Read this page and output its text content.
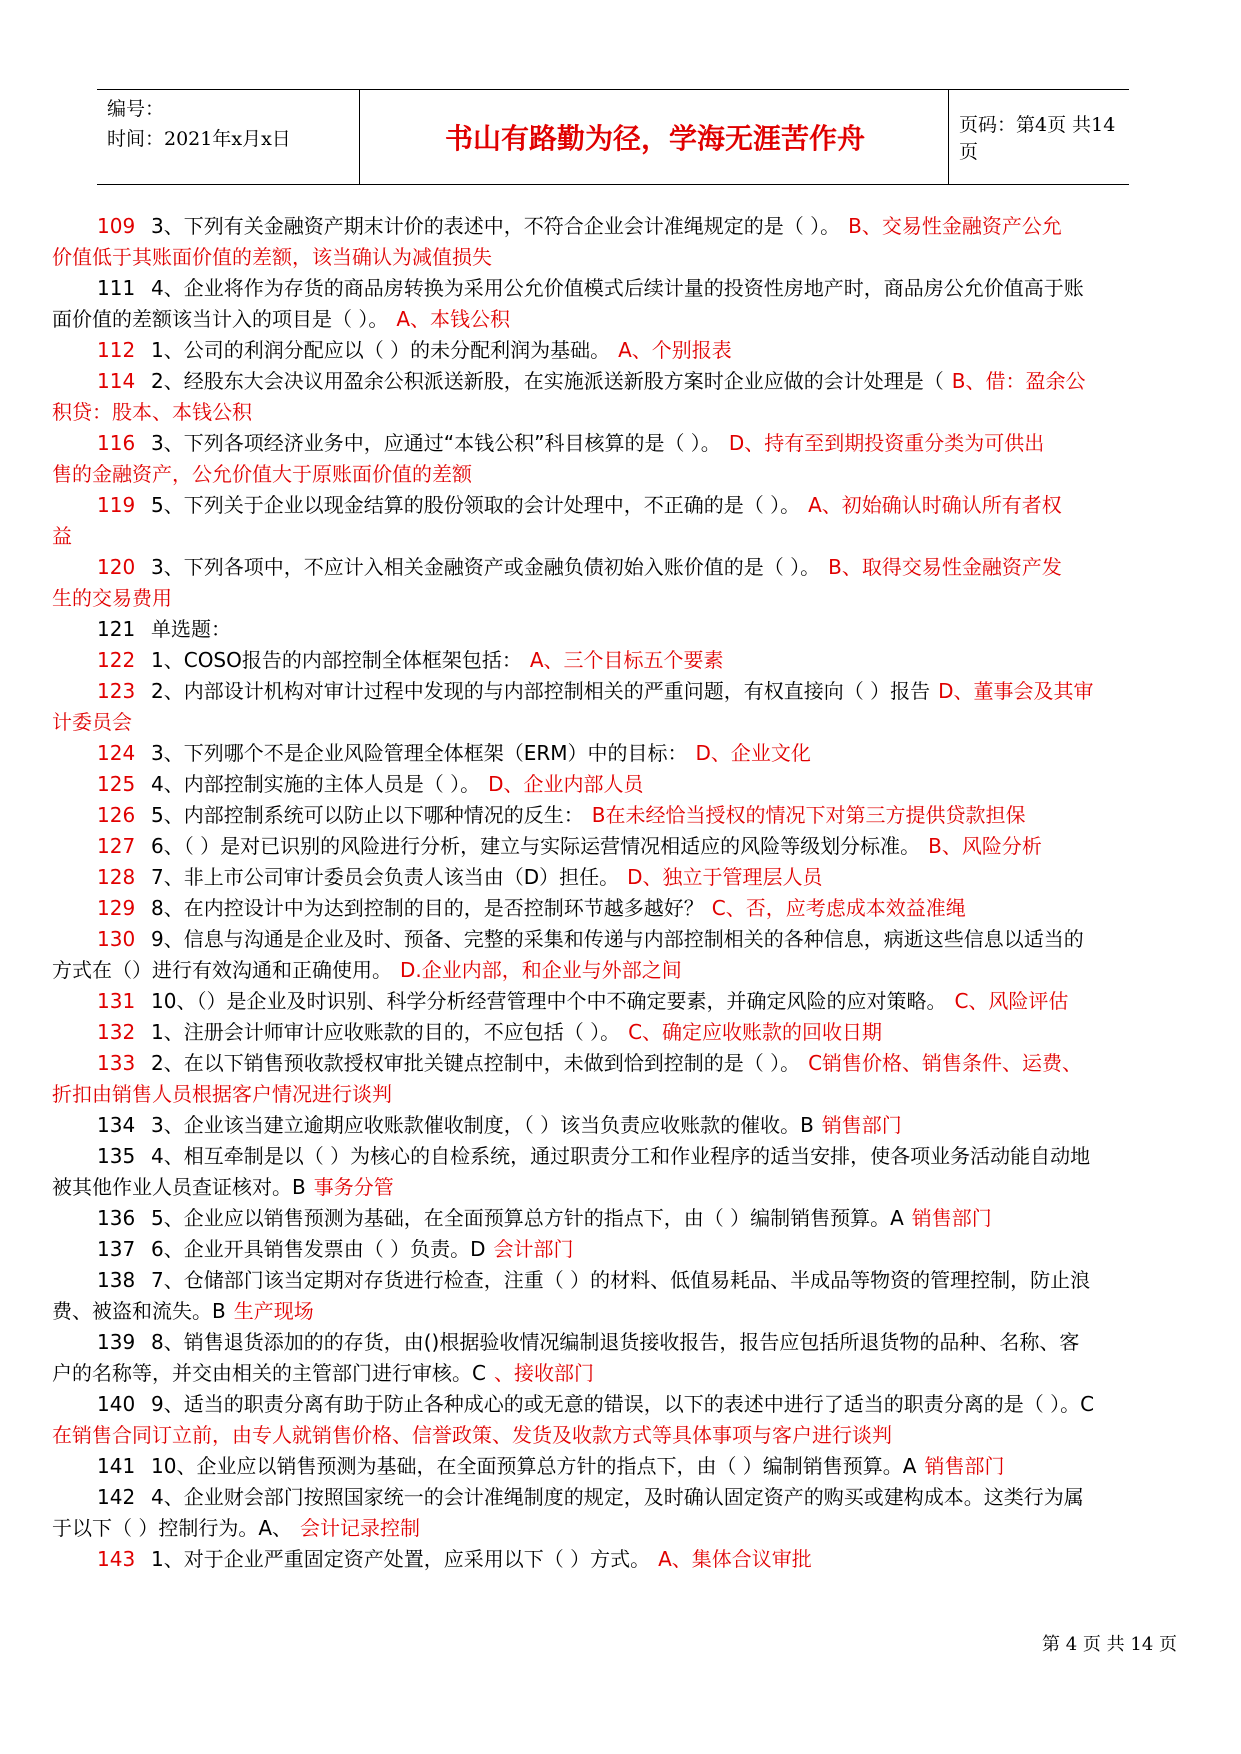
编号：
时间：2021年x月x日	书山有路勤为径，学海无涯苦作舟	页码：第4页 共14页
109 3、下列有关金融资产期末计价的表述中，不符合企业会计准绳规定的是（ ）。 B、交易性金融资产公允
价值低于其账面价值的差额，该当确认为减值损失
111 4、企业将作为存货的商品房转换为采用公允价值模式后续计量的投资性房地产时，商品房公允价值高于账
面价值的差额该当计入的项目是（ ）。 A、本钱公积
112 1、公司的利润分配应以（ ）的未分配利润为基础。 A、个别报表
114 2、经股东大会决议用盈余公积派送新股，在实施派送新股方案时企业应做的会计处理是（ B、借：盈余公
积贷：股本、本钱公积
116 3、下列各项经济业务中，应通过“本钱公积”科目核算的是（ ）。 D、持有至到期投资重分类为可供出
售的金融资产，公允价值大于原账面价值的差额
119 5、下列关于企业以现金结算的股份领取的会计处理中，不正确的是（ ）。 A、初始确认时确认所有者权
益
120 3、下列各项中，不应计入相关金融资产或金融负债初始入账价值的是（ ）。 B、取得交易性金融资产发
生的交易费用
121 单选题：
122 1、COSO报告的内部控制全体框架包括： A、三个目标五个要素
123 2、内部设计机构对审计过程中发现的与内部控制相关的严重问题，有权直接向（ ）报告 D、董事会及其审
计委员会
124 3、下列哪个不是企业风险管理全体框架（ERM）中的目标： D、企业文化
125 4、内部控制实施的主体人员是（ ）。 D、企业内部人员
126 5、内部控制系统可以防止以下哪种情况的反生： B在未经恰当授权的情况下对第三方提供贷款担保
127 6、（ ）是对已识别的风险进行分析，建立与实际运营情况相适应的风险等级划分标准。 B、风险分析
128 7、非上市公司审计委员会负责人该当由（D）担任。 D、独立于管理层人员
129 8、在内控设计中为达到控制的目的，是否控制环节越多越好？ C、否，应考虑成本效益准绳
130 9、信息与沟通是企业及时、预备、完整的采集和传递与内部控制相关的各种信息，病逝这些信息以适当的
方式在（）进行有效沟通和正确使用。 D.企业内部，和企业与外部之间
131 10、（）是企业及时识别、科学分析经营管理中个中不确定要素，并确定风险的应对策略。 C、风险评估
132 1、注册会计师审计应收账款的目的，不应包括（ ）。 C、确定应收账款的回收日期
133 2、在以下销售预收款授权审批关键点控制中，未做到恰到控制的是（ ）。 C销售价格、销售条件、运费、
折扣由销售人员根据客户情况进行谈判
134 3、企业该当建立逾期应收账款催收制度，（ ）该当负责应收账款的催收。B 销售部门
135 4、相互牵制是以（ ）为核心的自检系统，通过职责分工和作业程序的适当安排，使各项业务活动能自动地
被其他作业人员查证核对。B 事务分管
136 5、企业应以销售预测为基础，在全面预算总方针的指点下，由（ ）编制销售预算。A 销售部门
137 6、企业开具销售发票由（ ）负责。D 会计部门
138 7、仓储部门该当定期对存货进行检查，注重（ ）的材料、低值易耗品、半成品等物资的管理控制，防止浪
费、被盗和流失。B 生产现场
139 8、销售退货添加的的存货，由()根据验收情况编制退货接收报告，报告应包括所退货物的品种、名称、客
户的名称等，并交由相关的主管部门进行审核。C 、接收部门
140 9、适当的职责分离有助于防止各种成心的或无意的错误，以下的表述中进行了适当的职责分离的是（ ）。C
在销售合同订立前，由专人就销售价格、信誉政策、发货及收款方式等具体事项与客户进行谈判
141 10、企业应以销售预测为基础，在全面预算总方针的指点下，由（ ）编制销售预算。A 销售部门
142 4、企业财会部门按照国家统一的会计准绳制度的规定，及时确认固定资产的购买或建构成本。这类行为属
于以下（ ）控制行为。A、 会计记录控制
143 1、对于企业严重固定资产处置，应采用以下（ ）方式。 A、集体合议审批
第 4 页 共 14 页
